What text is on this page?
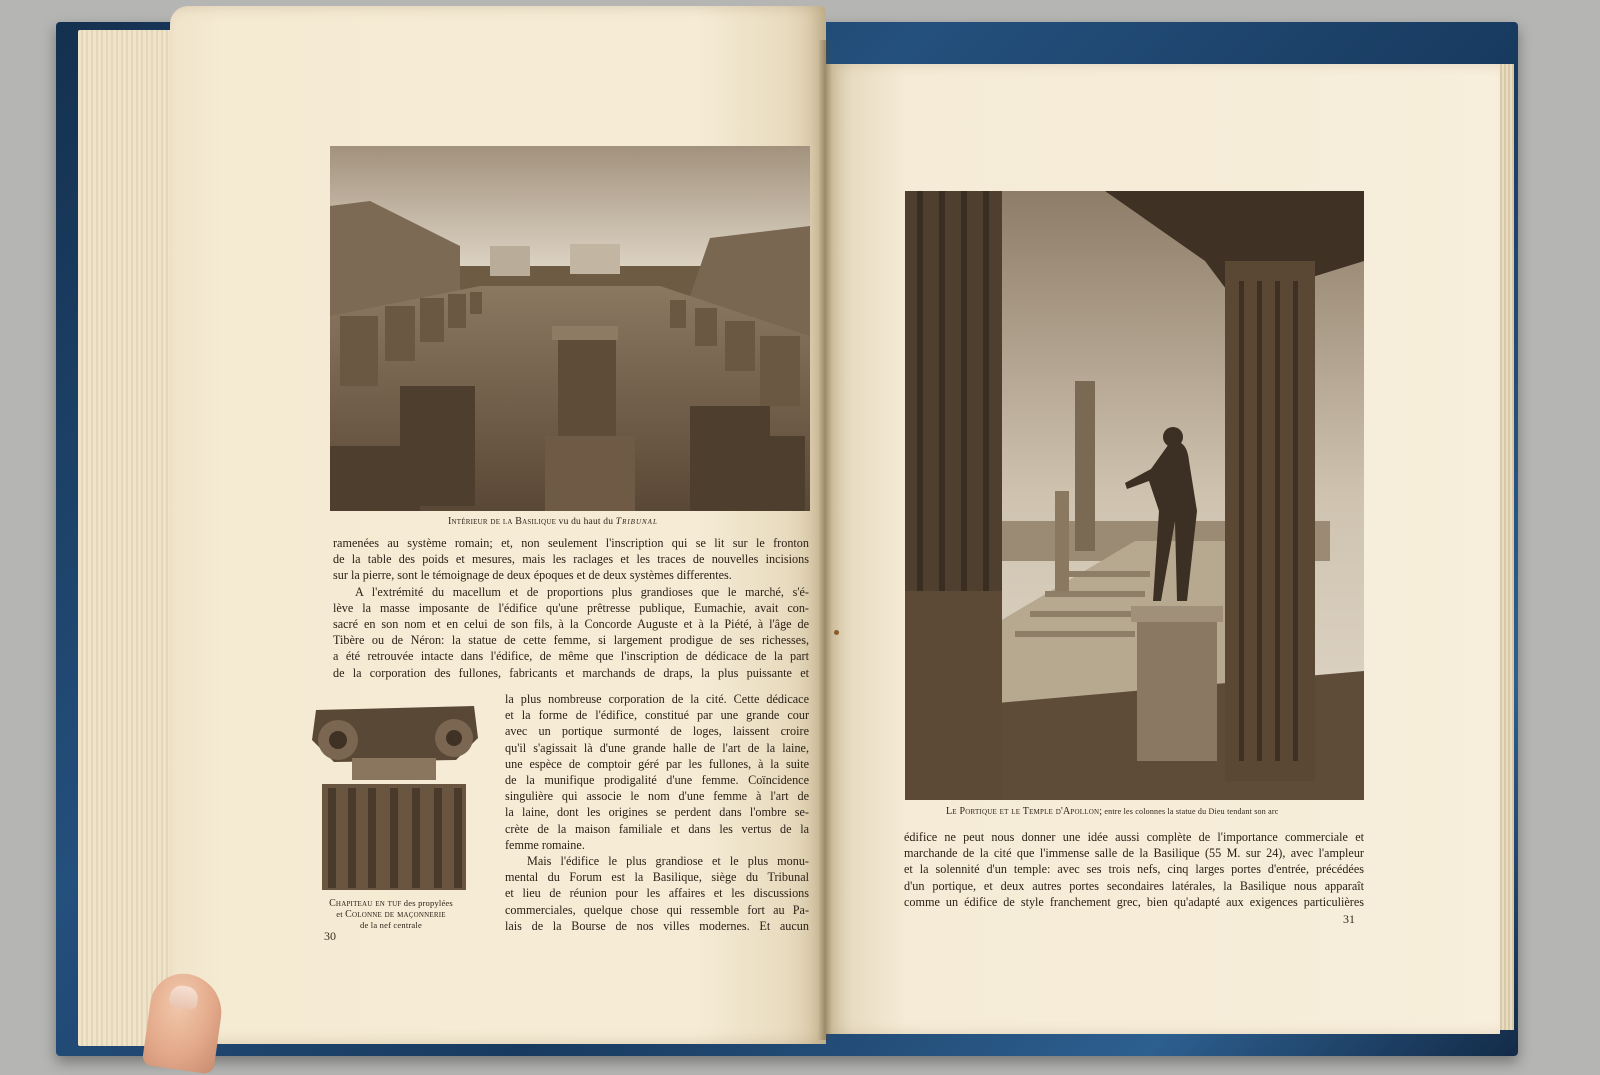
Intérieur de la Basilique vu du haut du Tribunal
ramenées au système romain; et, non seulement l'inscription qui se lit sur le fronton
de la table des poids et mesures, mais les raclages et les traces de nouvelles incisions
sur la pierre, sont le témoignage de deux époques et de deux systèmes differentes.
A l'extrémité du macellum et de proportions plus grandioses que le marché, s'é-
lève la masse imposante de l'édifice qu'une prêtresse publique, Eumachie, avait con-
sacré en son nom et en celui de son fils, à la Concorde Auguste et à la Piété, à l'âge de
Tibère ou de Néron: la statue de cette femme, si largement prodigue de ses richesses,
a été retrouvée intacte dans l'édifice, de même que l'inscription de dédicace de la part
de la corporation des fullones, fabricants et marchands de draps, la plus puissante et
Chapiteau en tuf des propylées
et Colonne de maçonnerie
de la nef centrale
la plus nombreuse corporation de la cité. Cette dédicace
et la forme de l'édifice, constitué par une grande cour
avec un portique surmonté de loges, laissent croire
qu'il s'agissait là d'une grande halle de l'art de la laine,
une espèce de comptoir géré par les fullones, à la suite
de la munifique prodigalité d'une femme. Coïncidence
singulière qui associe le nom d'une femme à l'art de
la laine, dont les origines se perdent dans l'ombre se-
crète de la maison familiale et dans les vertus de la
femme romaine.
Mais l'édifice le plus grandiose et le plus monu-
mental du Forum est la Basilique, siège du Tribunal
et lieu de réunion pour les affaires et les discussions
commerciales, quelque chose qui ressemble fort au Pa-
lais de la Bourse de nos villes modernes. Et aucun
30
Le Portique et le Temple d'Apollon; entre les colonnes la statue du Dieu tendant son arc
édifice ne peut nous donner une idée aussi complète de l'importance commerciale et
marchande de la cité que l'immense salle de la Basilique (55 M. sur 24), avec l'ampleur
et la solennité d'un temple: avec ses trois nefs, cinq larges portes d'entrée, précédées
d'un portique, et deux autres portes secondaires latérales, la Basilique nous apparaît
comme un édifice de style franchement grec, bien qu'adapté aux exigences particulières
31
